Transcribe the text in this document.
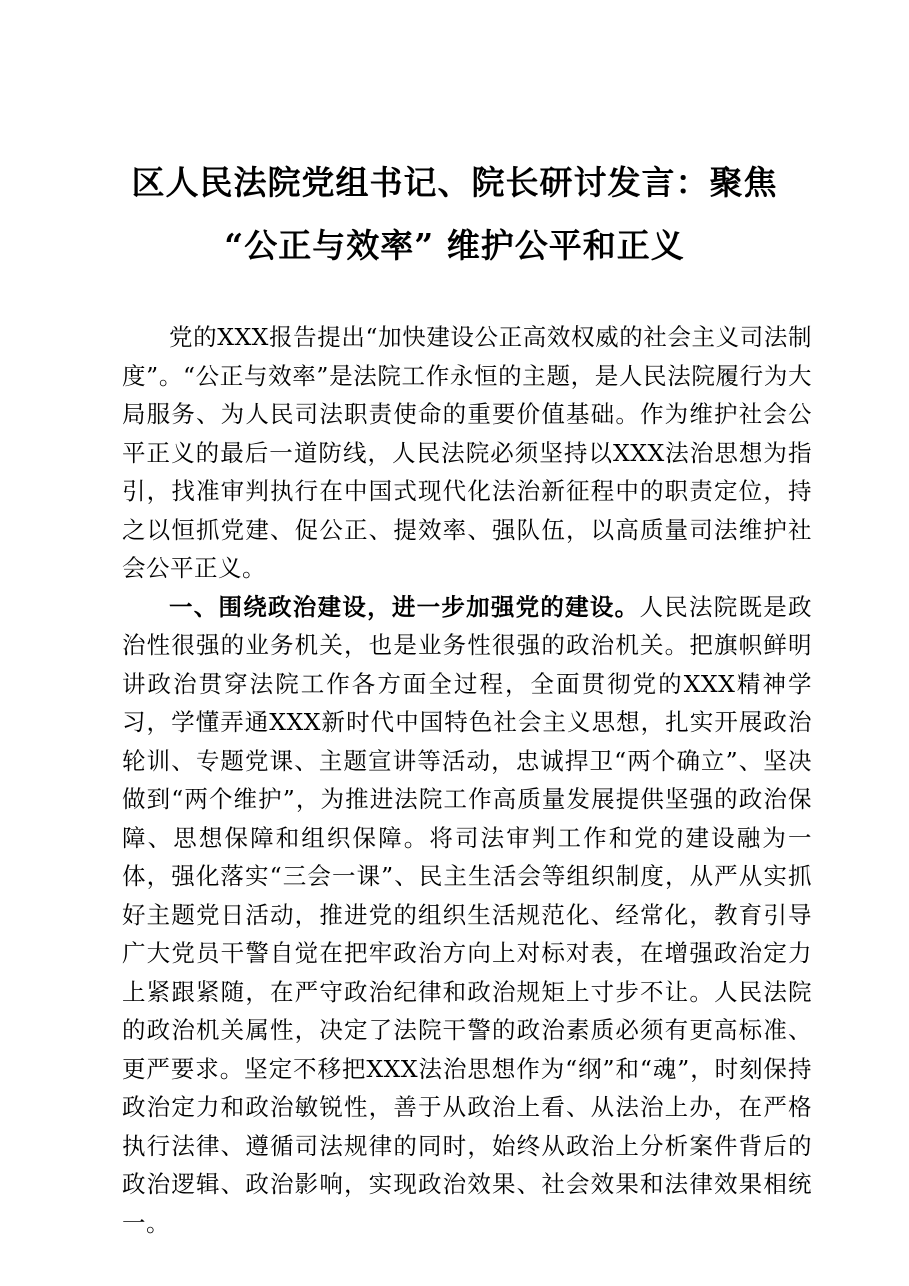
区人民法院党组书记、院长研讨发言：聚焦
“公正与效率” 维护公平和正义

党的XXX报告提出“加快建设公正高效权威的社会主义司法制度”。“公正与效率”是法院工作永恒的主题，是人民法院履行为大局服务、为人民司法职责使命的重要价值基础。作为维护社会公平正义的最后一道防线，人民法院必须坚持以XXX法治思想为指引，找准审判执行在中国式现代化法治新征程中的职责定位，持之以恒抓党建、促公正、提效率、强队伍，以高质量司法维护社会公平正义。

一、围绕政治建设，进一步加强党的建设。人民法院既是政治性很强的业务机关，也是业务性很强的政治机关。把旗帜鲜明讲政治贯穿法院工作各方面全过程，全面贯彻党的XXX精神学习，学懂弄通XXX新时代中国特色社会主义思想，扎实开展政治轮训、专题党课、主题宣讲等活动，忠诚捍卫“两个确立”、坚决做到“两个维护”，为推进法院工作高质量发展提供坚强的政治保障、思想保障和组织保障。将司法审判工作和党的建设融为一体，强化落实“三会一课”、民主生活会等组织制度，从严从实抓好主题党日活动，推进党的组织生活规范化、经常化，教育引导广大党员干警自觉在把牢政治方向上对标对表，在增强政治定力上紧跟紧随，在严守政治纪律和政治规矩上寸步不让。人民法院的政治机关属性，决定了法院干警的政治素质必须有更高标准、更严要求。坚定不移把XXX法治思想作为“纲”和“魂”，时刻保持政治定力和政治敏锐性，善于从政治上看、从法治上办，在严格执行法律、遵循司法规律的同时，始终从政治上分析案件背后的政治逻辑、政治影响，实现政治效果、社会效果和法律效果相统一。
